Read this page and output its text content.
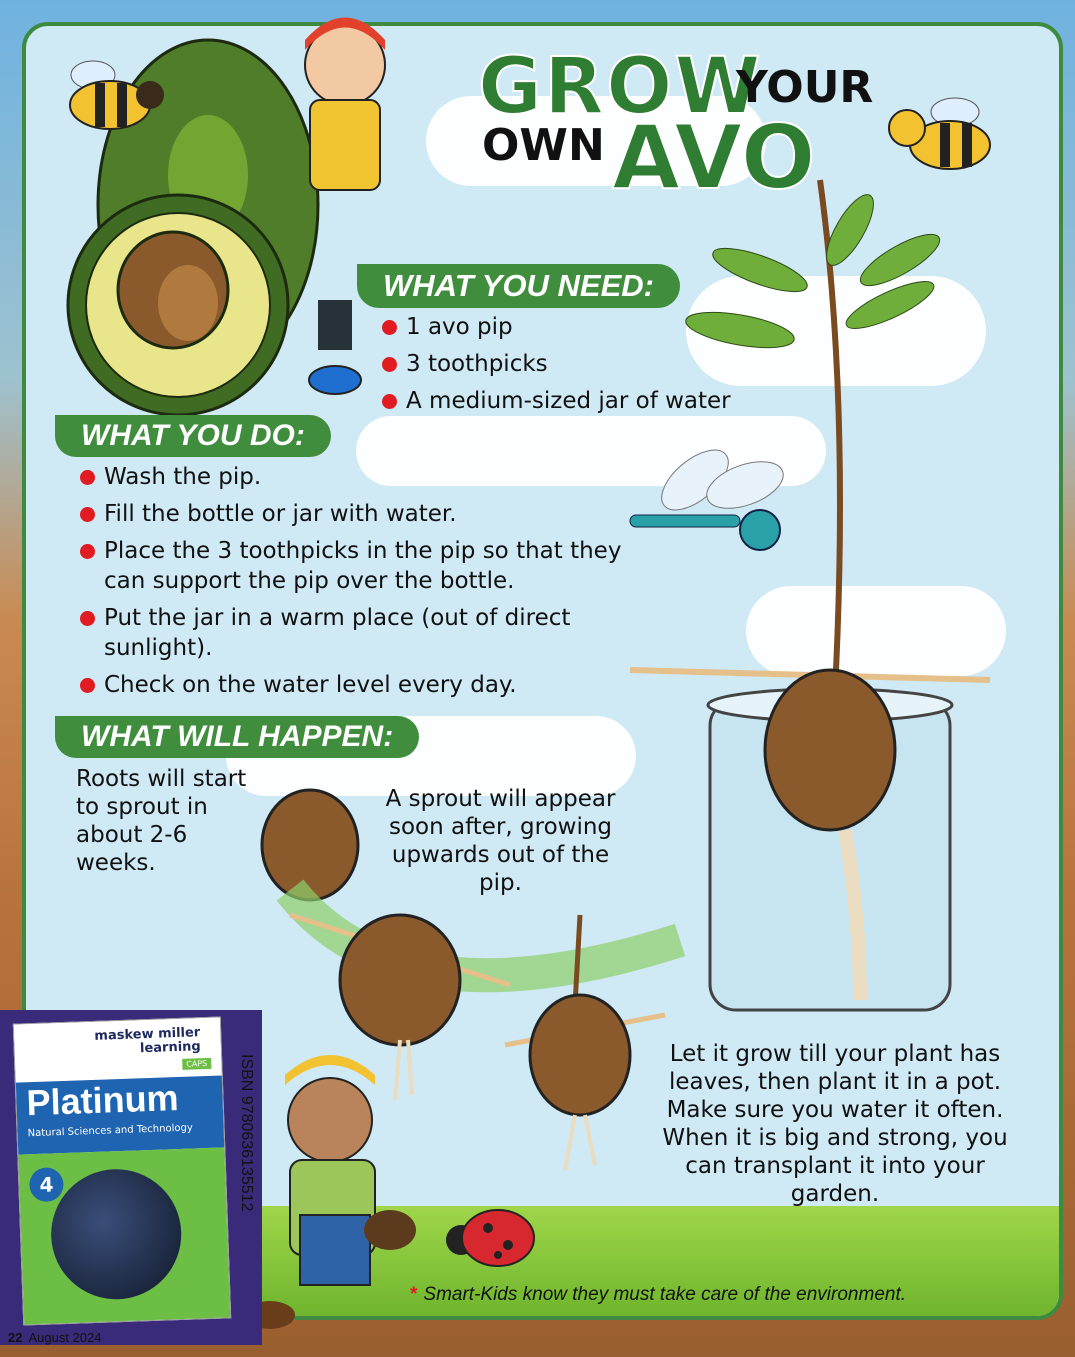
GROW
YOUR
OWN AVO
WHAT YOU NEED:
1 avo pip
3 toothpicks
A medium-sized jar of water
WHAT YOU DO:
Wash the pip.
Fill the bottle or jar with water.
Place the 3 toothpicks in the pip so that they can support the pip over the bottle.
Put the jar in a warm place (out of direct sunlight).
Check on the water level every day.
WHAT WILL HAPPEN:
Roots will start to sprout in about 2-6 weeks.
A sprout will appear soon after, growing upwards out of the pip.
Let it grow till your plant has leaves, then plant it in a pot. Make sure you water it often. When it is big and strong, you can transplant it into your garden.
* Smart-Kids know they must take care of the environment.
maskew miller learning
CAPS
Platinum
Natural Sciences and Technology
4	ISBN 9780636135512
22 August 2024
